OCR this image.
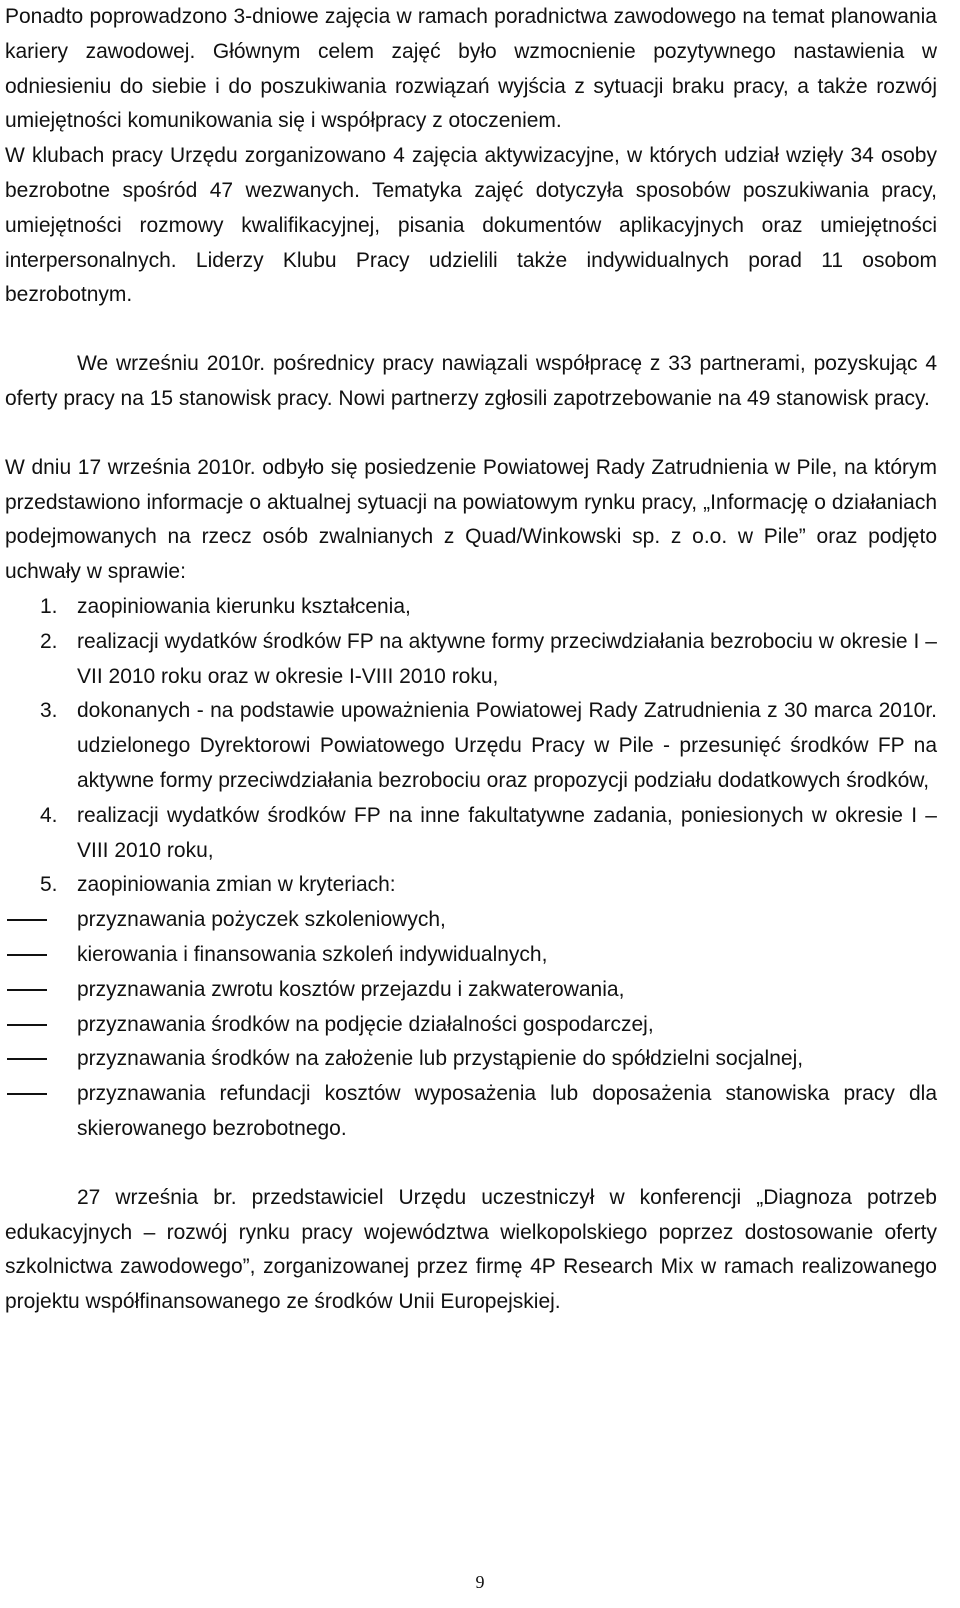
Ponadto poprowadzono 3-dniowe zajęcia w ramach poradnictwa zawodowego na temat planowania kariery zawodowej. Głównym celem zajęć było wzmocnienie pozytywnego nastawienia w odniesieniu do siebie i do poszukiwania rozwiązań wyjścia z sytuacji braku pracy, a także rozwój umiejętności komunikowania się i współpracy z otoczeniem.

W klubach pracy Urzędu zorganizowano 4 zajęcia aktywizacyjne, w których udział wzięły 34 osoby bezrobotne spośród 47 wezwanych. Tematyka zajęć dotyczyła sposobów poszukiwania pracy, umiejętności rozmowy kwalifikacyjnej, pisania dokumentów aplikacyjnych oraz umiejętności interpersonalnych. Liderzy Klubu Pracy udzielili także indywidualnych porad 11 osobom bezrobotnym.

We wrześniu 2010r. pośrednicy pracy nawiązali współpracę z 33 partnerami, pozyskując 4 oferty pracy na 15 stanowisk pracy. Nowi partnerzy zgłosili zapotrzebowanie na 49 stanowisk pracy.

W dniu 17 września 2010r. odbyło się posiedzenie Powiatowej Rady Zatrudnienia w Pile, na którym przedstawiono informacje o aktualnej sytuacji na powiatowym rynku pracy, „Informację o działaniach podejmowanych na rzecz osób zwalnianych z Quad/Winkowski sp. z o.o. w Pile” oraz podjęto uchwały w sprawie:

1. zaopiniowania kierunku kształcenia,
2. realizacji wydatków środków FP na aktywne formy przeciwdziałania bezrobociu w okresie I – VII 2010 roku oraz w okresie I-VIII 2010 roku,
3. dokonanych - na podstawie upoważnienia Powiatowej Rady Zatrudnienia z 30 marca 2010r. udzielonego Dyrektorowi Powiatowego Urzędu Pracy w Pile - przesunięć środków FP na aktywne formy przeciwdziałania bezrobociu oraz propozycji podziału dodatkowych środków,
4. realizacji wydatków środków FP na inne fakultatywne zadania, poniesionych w okresie I – VIII 2010 roku,
5. zaopiniowania zmian w kryteriach:
przyznawania pożyczek szkoleniowych,
kierowania i finansowania szkoleń indywidualnych,
przyznawania zwrotu kosztów przejazdu i zakwaterowania,
przyznawania środków na podjęcie działalności gospodarczej,
przyznawania środków na założenie lub przystąpienie do spółdzielni socjalnej,
przyznawania refundacji kosztów wyposażenia lub doposażenia stanowiska pracy dla skierowanego bezrobotnego.

27 września br. przedstawiciel Urzędu uczestniczył w konferencji „Diagnoza potrzeb edukacyjnych – rozwój rynku pracy województwa wielkopolskiego poprzez dostosowanie oferty szkolnictwa zawodowego”, zorganizowanej przez firmę 4P Research Mix w ramach realizowanego projektu współfinansowanego ze środków Unii Europejskiej.

9
